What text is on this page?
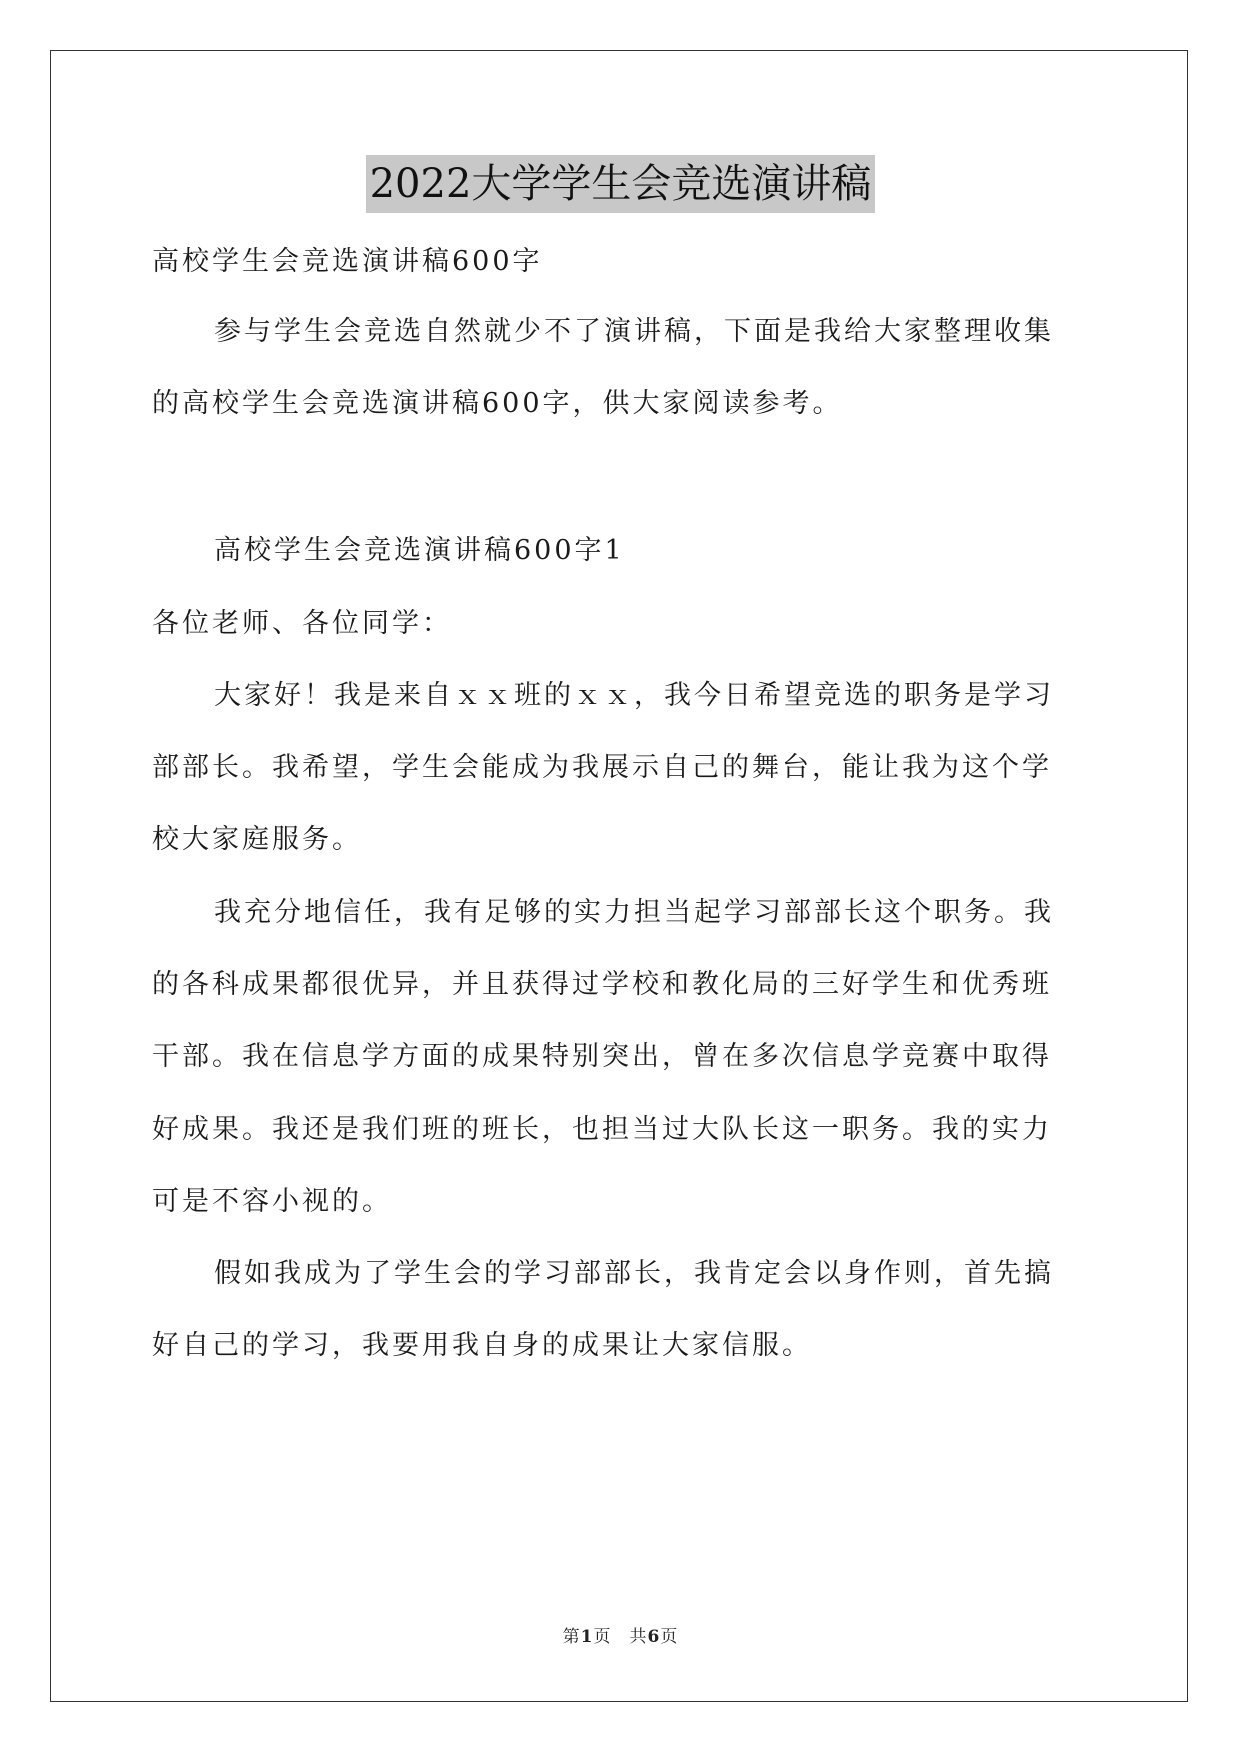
2022大学学生会竞选演讲稿
高校学生会竞选演讲稿600字
参与学生会竞选自然就少不了演讲稿，下面是我给大家整理收集
的高校学生会竞选演讲稿600字，供大家阅读参考。
高校学生会竞选演讲稿600字1
各位老师、各位同学：
大家好！我是来自ｘｘ班的ｘｘ，我今日希望竞选的职务是学习
部部长。我希望，学生会能成为我展示自己的舞台，能让我为这个学
校大家庭服务。
我充分地信任，我有足够的实力担当起学习部部长这个职务。我
的各科成果都很优异，并且获得过学校和教化局的三好学生和优秀班
干部。我在信息学方面的成果特别突出，曾在多次信息学竞赛中取得
好成果。我还是我们班的班长，也担当过大队长这一职务。我的实力
可是不容小视的。
假如我成为了学生会的学习部部长，我肯定会以身作则，首先搞
好自己的学习，我要用我自身的成果让大家信服。
第1页　共6页
